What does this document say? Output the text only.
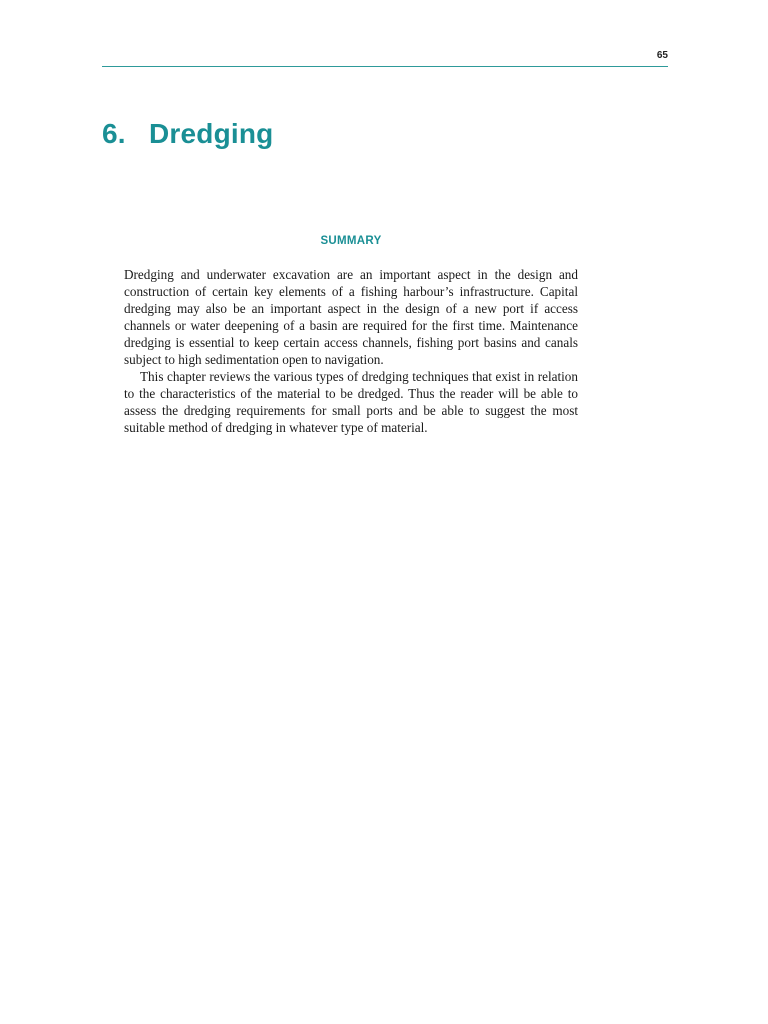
65
6. Dredging
SUMMARY

Dredging and underwater excavation are an important aspect in the design and construction of certain key elements of a fishing harbour’s infrastructure. Capital dredging may also be an important aspect in the design of a new port if access channels or water deepening of a basin are required for the first time. Maintenance dredging is essential to keep certain access channels, fishing port basins and canals subject to high sedimentation open to navigation.

This chapter reviews the various types of dredging techniques that exist in relation to the characteristics of the material to be dredged. Thus the reader will be able to assess the dredging requirements for small ports and be able to suggest the most suitable method of dredging in whatever type of material.
